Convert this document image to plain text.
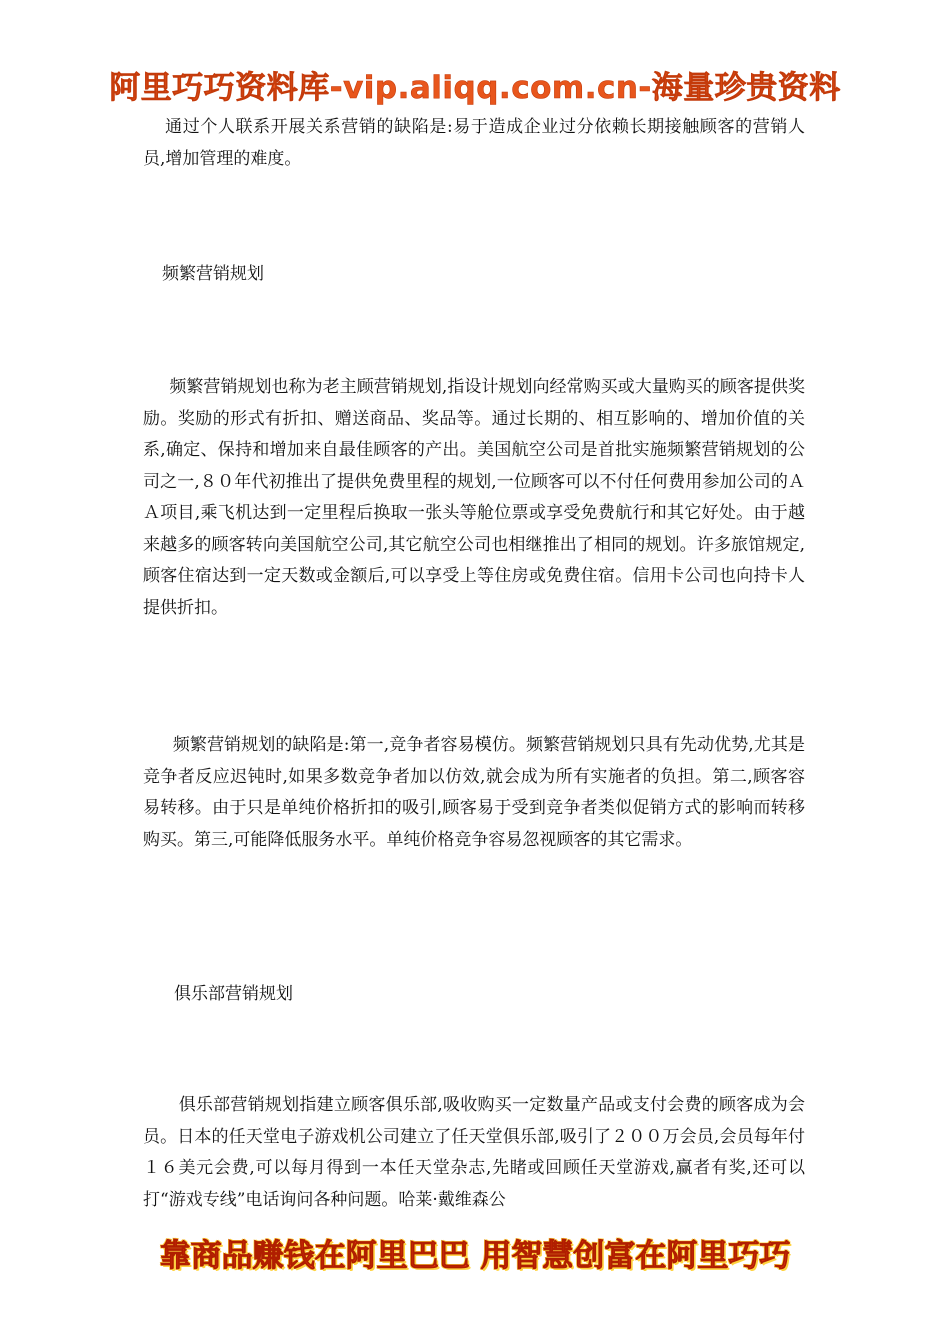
阿里巧巧资料库-vip.aliqq.com.cn-海量珍贵资料

通过个人联系开展关系营销的缺陷是:易于造成企业过分依赖长期接触顾客的营销人员,增加管理的难度。

频繁营销规划

频繁营销规划也称为老主顾营销规划,指设计规划向经常购买或大量购买的顾客提供奖励。奖励的形式有折扣、赠送商品、奖品等。通过长期的、相互影响的、增加价值的关系,确定、保持和增加来自最佳顾客的产出。美国航空公司是首批实施频繁营销规划的公司之一,８０年代初推出了提供免费里程的规划,一位顾客可以不付任何费用参加公司的ＡＡ项目,乘飞机达到一定里程后换取一张头等舱位票或享受免费航行和其它好处。由于越来越多的顾客转向美国航空公司,其它航空公司也相继推出了相同的规划。许多旅馆规定,顾客住宿达到一定天数或金额后,可以享受上等住房或免费住宿。信用卡公司也向持卡人提供折扣。

频繁营销规划的缺陷是:第一,竞争者容易模仿。频繁营销规划只具有先动优势,尤其是竞争者反应迟钝时,如果多数竞争者加以仿效,就会成为所有实施者的负担。第二,顾客容易转移。由于只是单纯价格折扣的吸引,顾客易于受到竞争者类似促销方式的影响而转移购买。第三,可能降低服务水平。单纯价格竞争容易忽视顾客的其它需求。

俱乐部营销规划

俱乐部营销规划指建立顾客俱乐部,吸收购买一定数量产品或支付会费的顾客成为会员。日本的任天堂电子游戏机公司建立了任天堂俱乐部,吸引了２００万会员,会员每年付１６美元会费,可以每月得到一本任天堂杂志,先睹或回顾任天堂游戏,赢者有奖,还可以打“游戏专线”电话询问各种问题。哈莱·戴维森公

靠商品赚钱在阿里巴巴 用智慧创富在阿里巧巧
